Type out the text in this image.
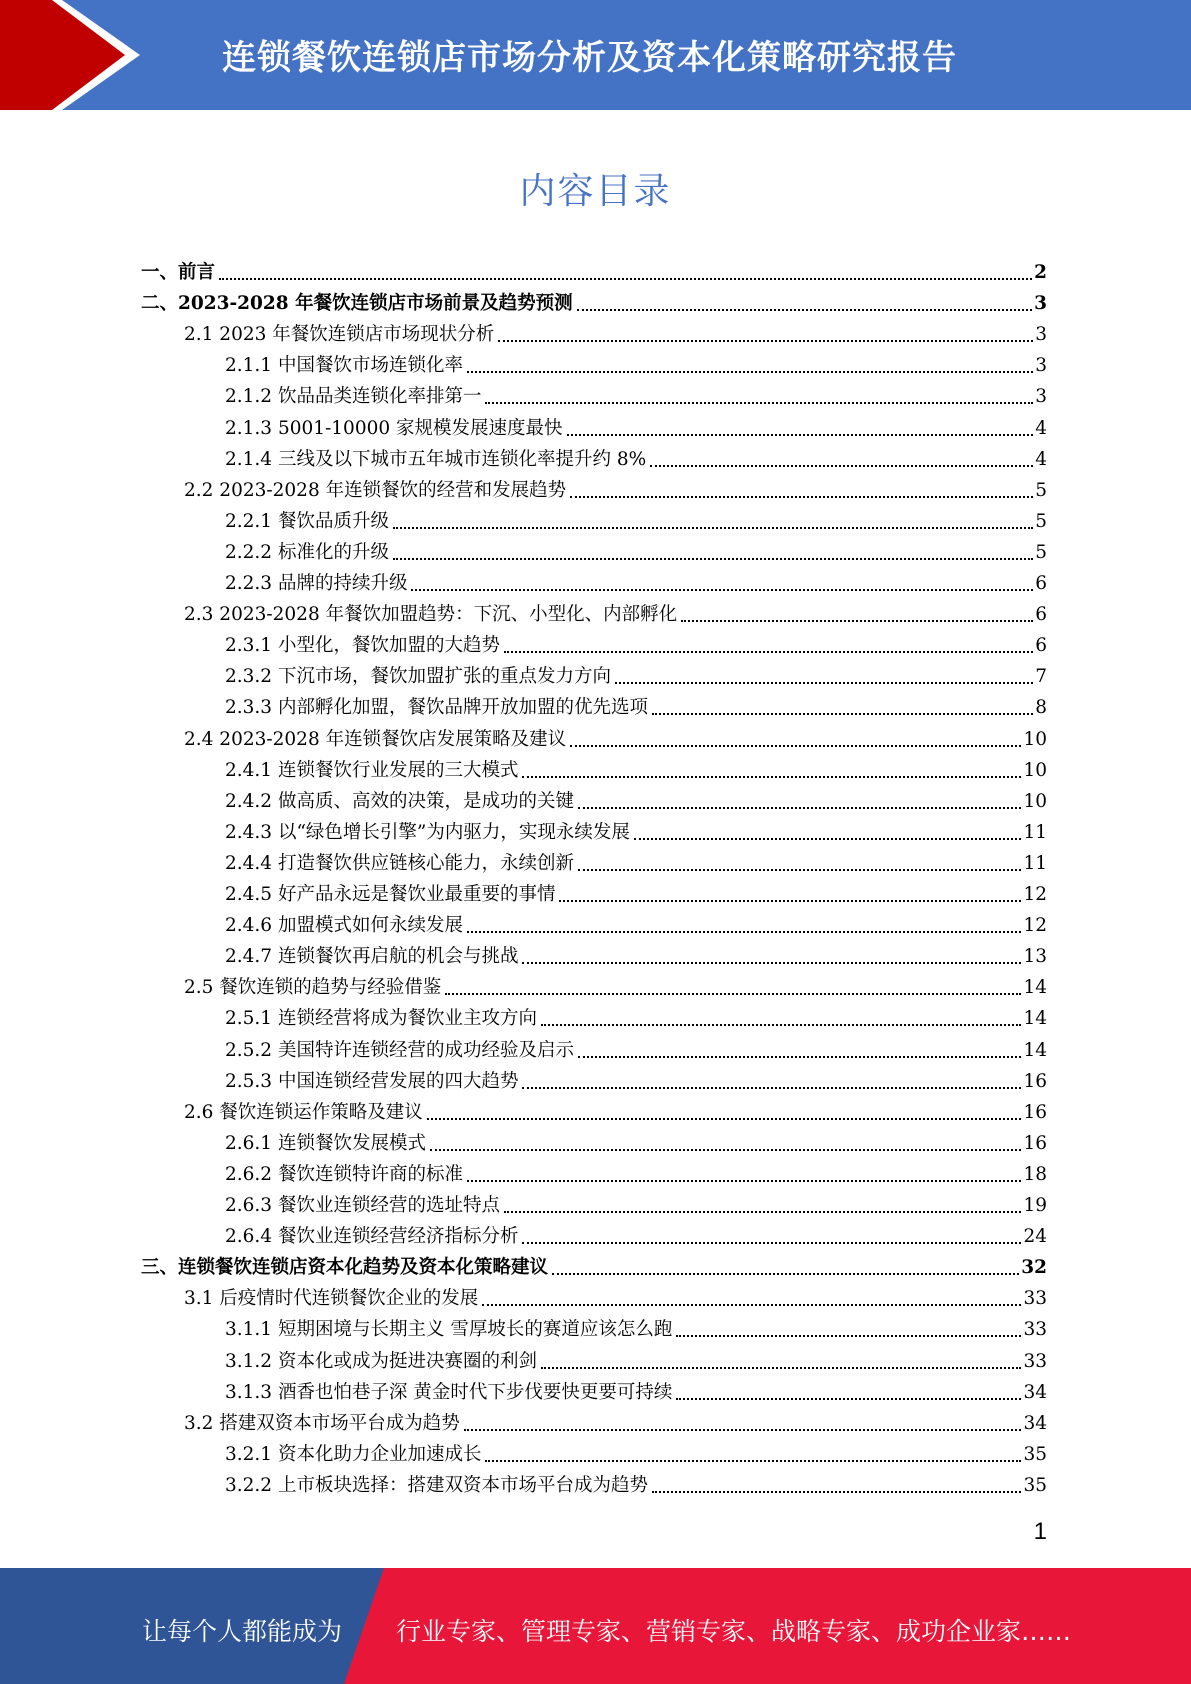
连锁餐饮连锁店市场分析及资本化策略研究报告
内容目录
一、前言	2
二、2023-2028 年餐饮连锁店市场前景及趋势预测	3
2.1 2023 年餐饮连锁店市场现状分析	3
2.1.1 中国餐饮市场连锁化率	3
2.1.2 饮品品类连锁化率排第一	3
2.1.3 5001-10000 家规模发展速度最快	4
2.1.4 三线及以下城市五年城市连锁化率提升约 8%	4
2.2 2023-2028 年连锁餐饮的经营和发展趋势	5
2.2.1 餐饮品质升级	5
2.2.2 标准化的升级	5
2.2.3 品牌的持续升级	6
2.3 2023-2028 年餐饮加盟趋势：下沉、小型化、内部孵化	6
2.3.1 小型化，餐饮加盟的大趋势	6
2.3.2 下沉市场，餐饮加盟扩张的重点发力方向	7
2.3.3 内部孵化加盟，餐饮品牌开放加盟的优先选项	8
2.4 2023-2028 年连锁餐饮店发展策略及建议	10
2.4.1 连锁餐饮行业发展的三大模式	10
2.4.2 做高质、高效的决策，是成功的关键	10
2.4.3 以“绿色增长引擎”为内驱力，实现永续发展	11
2.4.4 打造餐饮供应链核心能力，永续创新	11
2.4.5 好产品永远是餐饮业最重要的事情	12
2.4.6 加盟模式如何永续发展	12
2.4.7 连锁餐饮再启航的机会与挑战	13
2.5 餐饮连锁的趋势与经验借鉴	14
2.5.1 连锁经营将成为餐饮业主攻方向	14
2.5.2 美国特许连锁经营的成功经验及启示	14
2.5.3 中国连锁经营发展的四大趋势	16
2.6 餐饮连锁运作策略及建议	16
2.6.1 连锁餐饮发展模式	16
2.6.2 餐饮连锁特许商的标准	18
2.6.3 餐饮业连锁经营的选址特点	19
2.6.4 餐饮业连锁经营经济指标分析	24
三、连锁餐饮连锁店资本化趋势及资本化策略建议	32
3.1 后疫情时代连锁餐饮企业的发展	33
3.1.1 短期困境与长期主义 雪厚坡长的赛道应该怎么跑	33
3.1.2 资本化或成为挺进决赛圈的利剑	33
3.1.3 酒香也怕巷子深 黄金时代下步伐要快更要可持续	34
3.2 搭建双资本市场平台成为趋势	34
3.2.1 资本化助力企业加速成长	35
3.2.2 上市板块选择：搭建双资本市场平台成为趋势	35
1
让每个人都能成为 行业专家、管理专家、营销专家、战略专家、成功企业家……
